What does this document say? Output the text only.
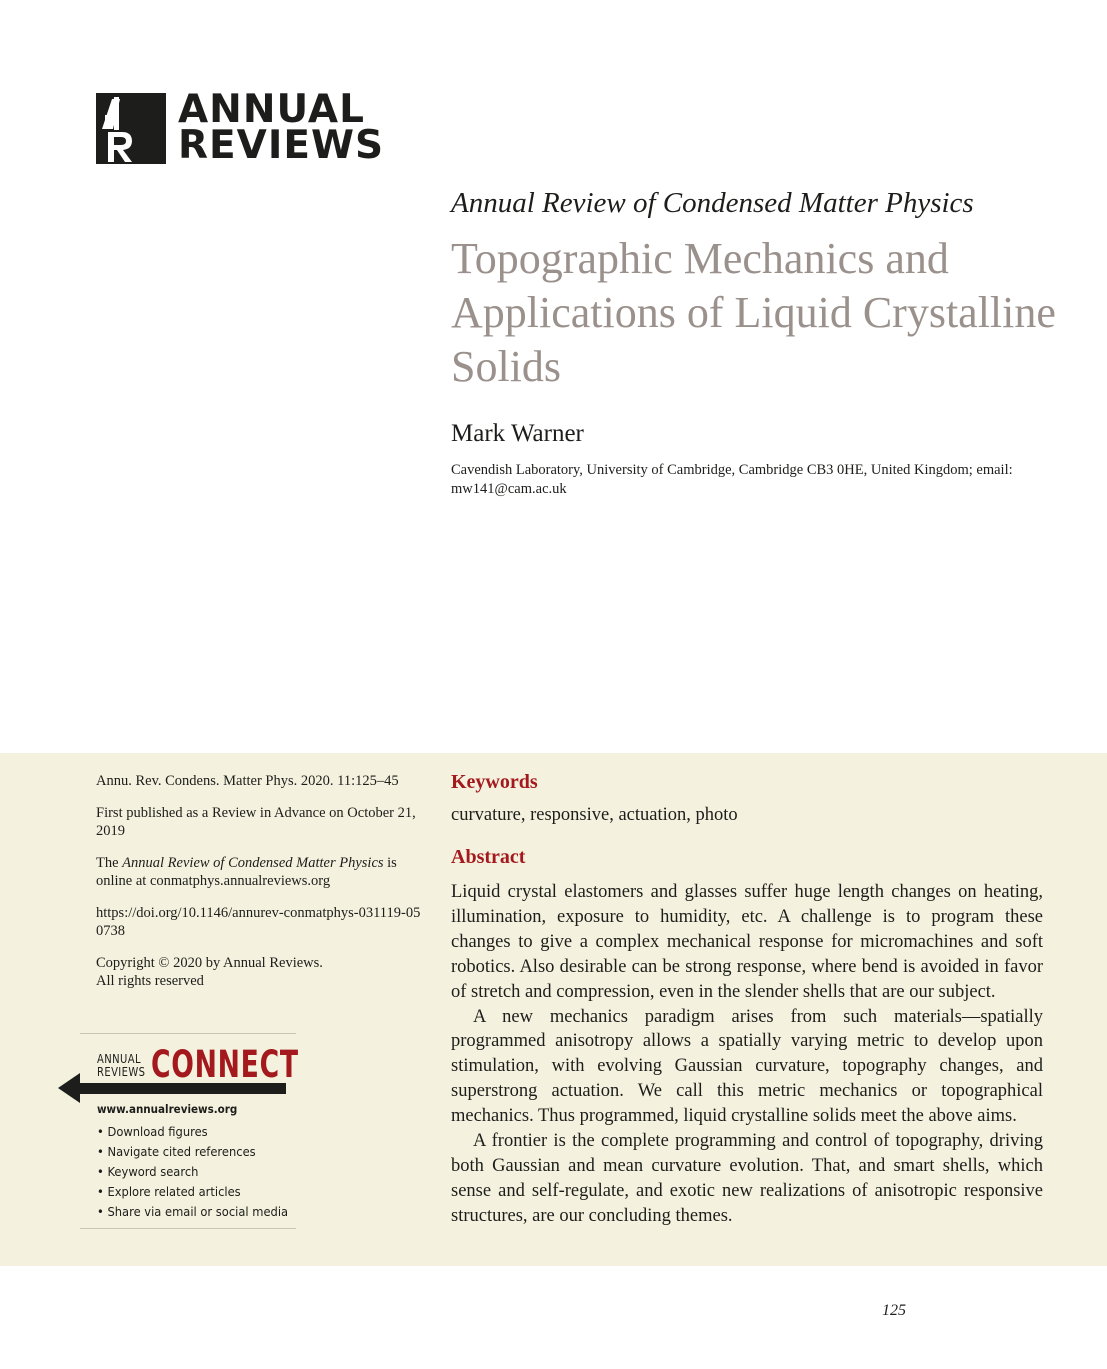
ANNUAL
REVIEWS
Annual Review of Condensed Matter Physics
Topographic Mechanics and Applications of Liquid Crystalline Solids
Mark Warner
Cavendish Laboratory, University of Cambridge, Cambridge CB3 0HE, United Kingdom; email: mw141@cam.ac.uk

Annu. Rev. Condens. Matter Phys. 2020. 11:125–45

First published as a Review in Advance on October 21, 2019

The Annual Review of Condensed Matter Physics is online at conmatphys.annualreviews.org

https://doi.org/10.1146/annurev-conmatphys-031119-050738

Copyright © 2020 by Annual Reviews.
All rights reserved

ANNUAL
REVIEWS CONNECT
www.annualreviews.org
• Download figures
• Navigate cited references
• Keyword search
• Explore related articles
• Share via email or social media
Keywords
curvature, responsive, actuation, photo
Abstract

Liquid crystal elastomers and glasses suffer huge length changes on heating, illumination, exposure to humidity, etc. A challenge is to program these changes to give a complex mechanical response for micromachines and soft robotics. Also desirable can be strong response, where bend is avoided in favor of stretch and compression, even in the slender shells that are our subject.

A new mechanics paradigm arises from such materials—spatially programmed anisotropy allows a spatially varying metric to develop upon stimulation, with evolving Gaussian curvature, topography changes, and superstrong actuation. We call this metric mechanics or topographical mechanics. Thus programmed, liquid crystalline solids meet the above aims.

A frontier is the complete programming and control of topography, driving both Gaussian and mean curvature evolution. That, and smart shells, which sense and self-regulate, and exotic new realizations of anisotropic responsive structures, are our concluding themes.

125
